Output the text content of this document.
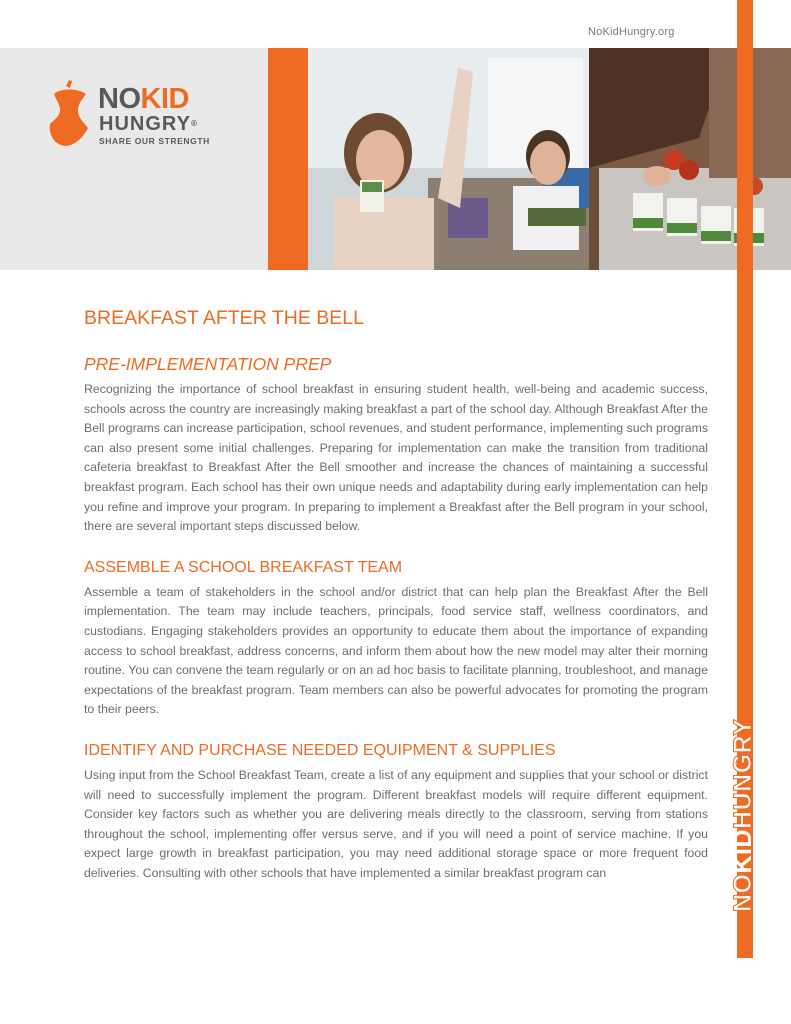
NoKidHungry.org
NOKID
HUNGRY®
SHARE OUR STRENGTH
NOKIDHUNGRY
BREAKFAST AFTER THE BELL
PRE-IMPLEMENTATION PREP

Recognizing the importance of school breakfast in ensuring student health, well-being and academic success, schools across the country are increasingly making breakfast a part of the school day. Although Breakfast After the Bell programs can increase participation, school revenues, and student performance, implementing such programs can also present some initial challenges. Preparing for implementation can make the transition from traditional cafeteria breakfast to Breakfast After the Bell smoother and increase the chances of maintaining a successful breakfast program. Each school has their own unique needs and adaptability during early implementation can help you refine and improve your program. In preparing to implement a Breakfast after the Bell program in your school, there are several important steps discussed below.

ASSEMBLE A SCHOOL BREAKFAST TEAM

Assemble a team of stakeholders in the school and/or district that can help plan the Breakfast After the Bell implementation. The team may include teachers, principals, food service staff, wellness coordinators, and custodians. Engaging stakeholders provides an opportunity to educate them about the importance of expanding access to school breakfast, address concerns, and inform them about how the new model may alter their morning routine. You can convene the team regularly or on an ad hoc basis to facilitate planning, troubleshoot, and manage expectations of the breakfast program. Team members can also be powerful advocates for promoting the program to their peers.

IDENTIFY AND PURCHASE NEEDED EQUIPMENT & SUPPLIES

Using input from the School Breakfast Team, create a list of any equipment and supplies that your school or district will need to successfully implement the program. Different breakfast models will require different equipment. Consider key factors such as whether you are delivering meals directly to the classroom, serving from stations throughout the school, implementing offer versus serve, and if you will need a point of service machine. If you expect large growth in breakfast participation, you may need additional storage space or more frequent food deliveries. Consulting with other schools that have implemented a similar breakfast program can
